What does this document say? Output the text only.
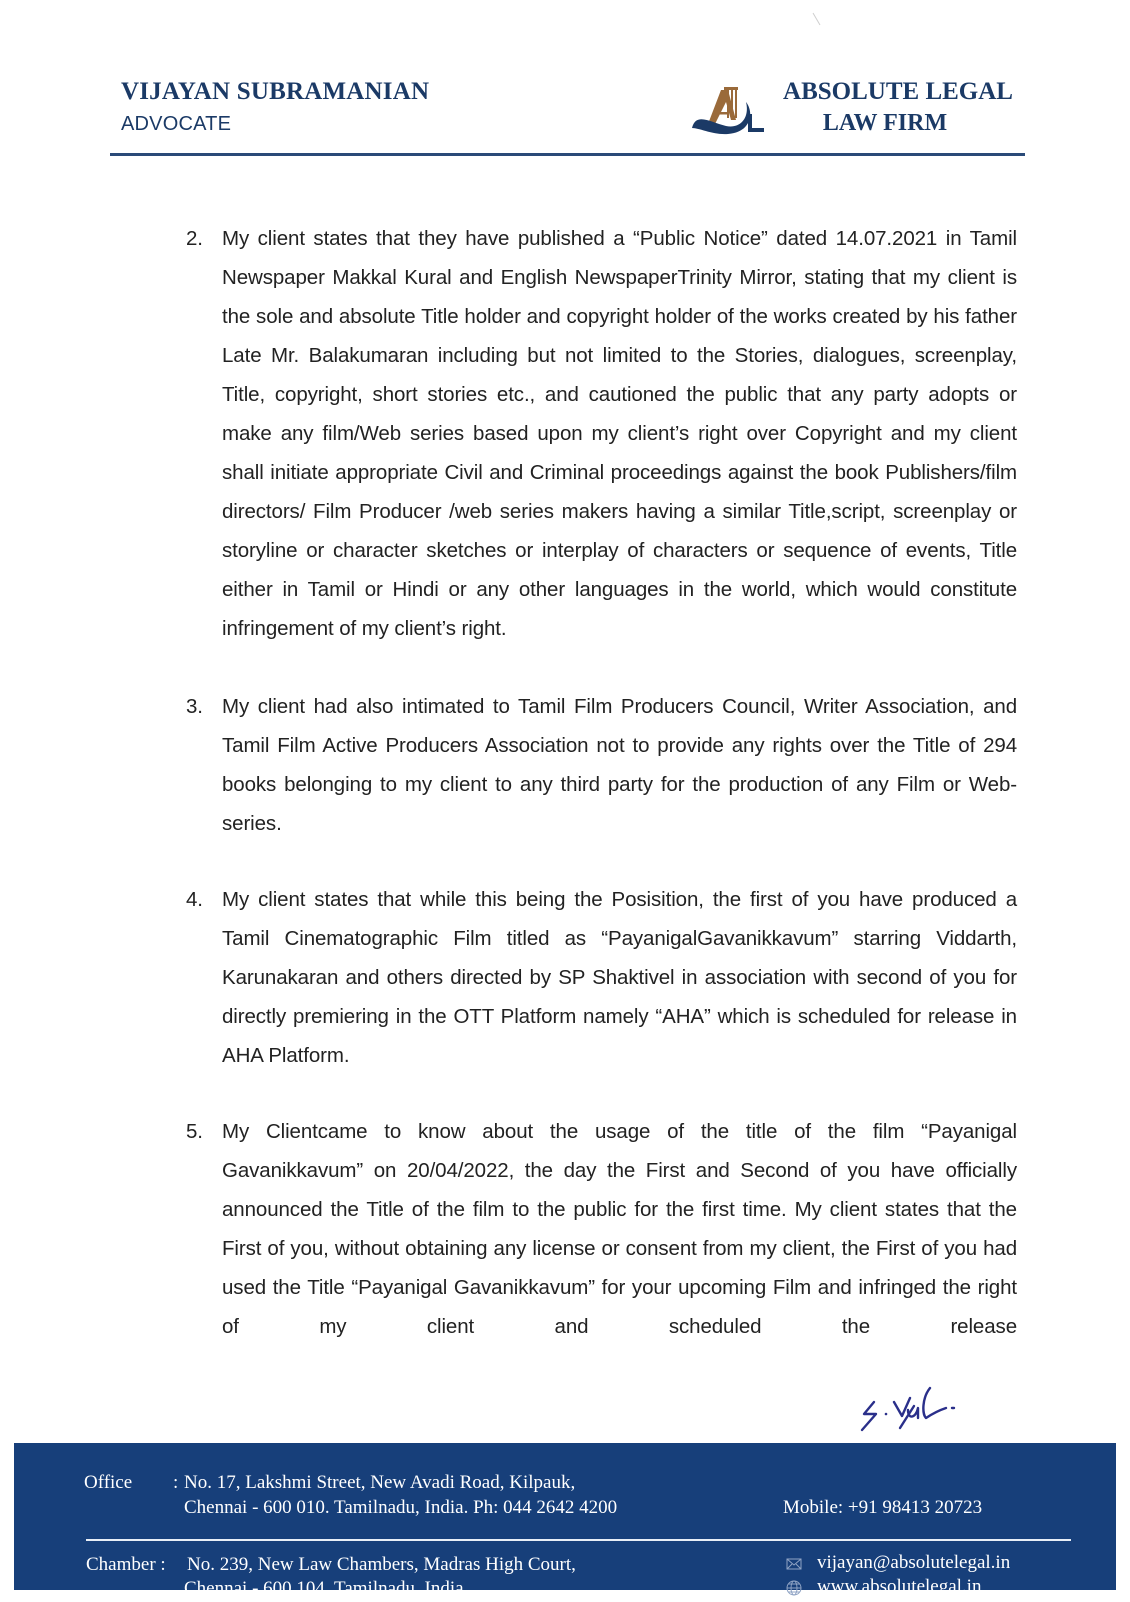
VIJAYAN SUBRAMANIAN
ADVOCATE
ABSOLUTE LEGAL
LAW FIRM
2. My client states that they have published a “Public Notice” dated 14.07.2021 in Tamil Newspaper Makkal Kural and English NewspaperTrinity Mirror, stating that my client is the sole and absolute Title holder and copyright holder of the works created by his father Late Mr. Balakumaran including but not limited to the Stories, dialogues, screenplay, Title, copyright, short stories etc., and cautioned the public that any party adopts or make any film/Web series based upon my client’s right over Copyright and my client shall initiate appropriate Civil and Criminal proceedings against the book Publishers/film directors/ Film Producer /web series makers having a similar Title,script, screenplay or storyline or character sketches or interplay of characters or sequence of events, Title either in Tamil or Hindi or any other languages in the world, which would constitute infringement of my client’s right.
3. My client had also intimated to Tamil Film Producers Council, Writer Association, and Tamil Film Active Producers Association not to provide any rights over the Title of 294 books belonging to my client to any third party for the production of any Film or Web-series.
4. My client states that while this being the Posisition, the first of you have produced a Tamil Cinematographic Film titled as “PayanigalGavanikkavum” starring Viddarth, Karunakaran and others directed by SP Shaktivel in association with second of you for directly premiering in the OTT Platform namely “AHA” which is scheduled for release in AHA Platform.
5. My Clientcame to know about the usage of the title of the film “Payanigal Gavanikkavum” on 20/04/2022, the day the First and Second of you have officially announced the Title of the film to the public for the first time. My client states that the First of you, without obtaining any license or consent from my client, the First of you had used the Title “Payanigal Gavanikkavum” for your upcoming Film and infringed the right of my client and scheduled the release
Office : No. 17, Lakshmi Street, New Avadi Road, Kilpauk,
Chennai - 600 010. Tamilnadu, India. Ph: 044 2642 4200	Mobile: +91 98413 20723
Chamber : No. 239, New Law Chambers, Madras High Court,
Chennai - 600 104. Tamilnadu, India
vijayan@absolutelegal.in
www.absolutelegal.in
